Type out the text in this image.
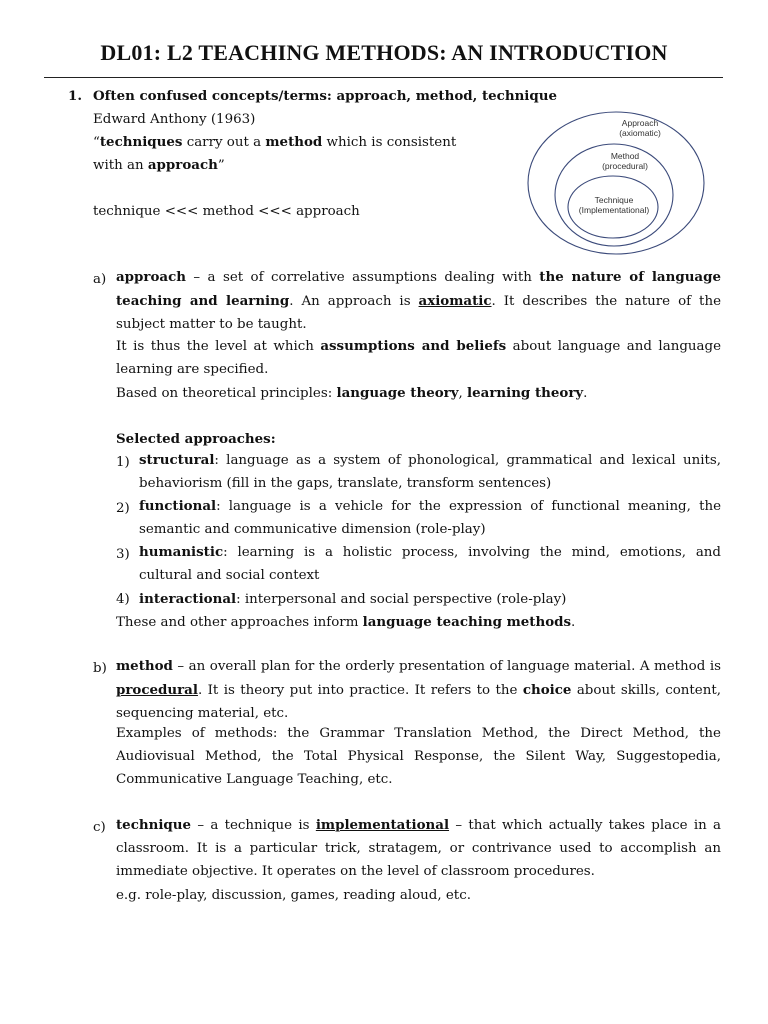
DL01: L2 TEACHING METHODS: AN INTRODUCTION
1. Often confused concepts/terms: approach, method, technique
Edward Anthony (1963)
“techniques carry out a method which is consistent
with an approach”
technique <<< method <<< approach
Approach
(axiomatic)
Method
(procedural)
Technique
(Implementational)
a) approach – a set of correlative assumptions dealing with the nature of language teaching and learning. An approach is axiomatic. It describes the nature of the subject matter to be taught.
It is thus the level at which assumptions and beliefs about language and language learning are specified.
Based on theoretical principles: language theory, learning theory.
Selected approaches:
1) structural: language as a system of phonological, grammatical and lexical units, behaviorism (fill in the gaps, translate, transform sentences)
2) functional: language is a vehicle for the expression of functional meaning, the semantic and communicative dimension (role-play)
3) humanistic: learning is a holistic process, involving the mind, emotions, and cultural and social context
4) interactional: interpersonal and social perspective (role-play)
These and other approaches inform language teaching methods.
b) method – an overall plan for the orderly presentation of language material. A method is procedural. It is theory put into practice. It refers to the choice about skills, content, sequencing material, etc.
Examples of methods: the Grammar Translation Method, the Direct Method, the Audiovisual Method, the Total Physical Response, the Silent Way, Suggestopedia, Communicative Language Teaching, etc.
c) technique – a technique is implementational – that which actually takes place in a classroom. It is a particular trick, stratagem, or contrivance used to accomplish an immediate objective. It operates on the level of classroom procedures.
e.g. role-play, discussion, games, reading aloud, etc.
